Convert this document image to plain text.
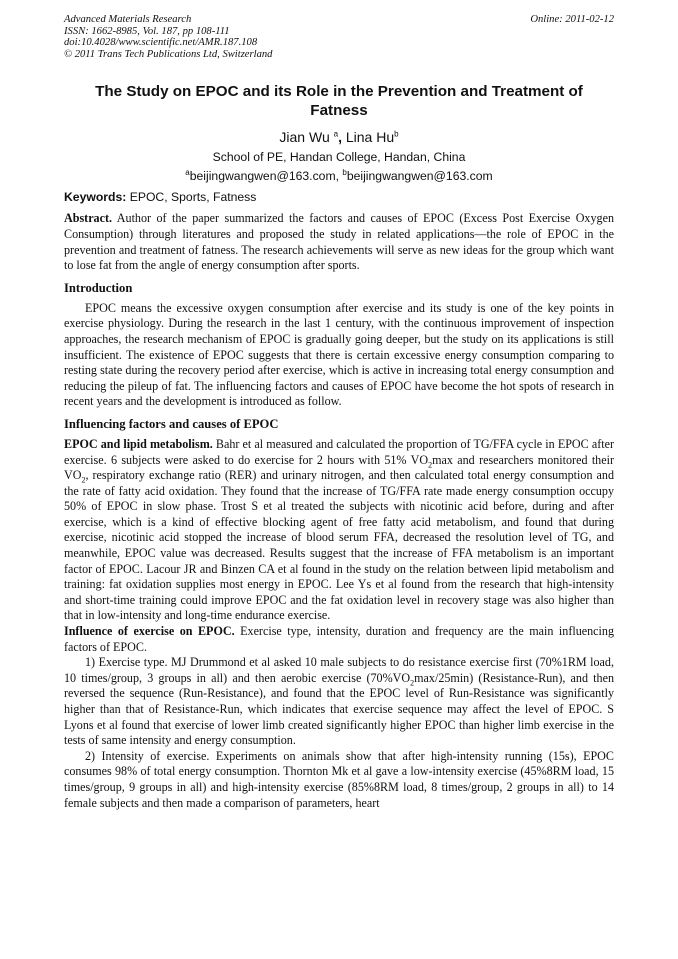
Advanced Materials Research
ISSN: 1662-8985, Vol. 187, pp 108-111
doi:10.4028/www.scientific.net/AMR.187.108
© 2011 Trans Tech Publications Ltd, Switzerland
Online: 2011-02-12
The Study on EPOC and its Role in the Prevention and Treatment of Fatness
Jian Wu $^a$, Lina Hu$^b$
School of PE, Handan College, Handan, China
$^a$beijingwangwen@163.com, $^b$beijingwangwen@163.com
Keywords: EPOC, Sports, Fatness

Abstract. Author of the paper summarized the factors and causes of EPOC (Excess Post Exercise Oxygen Consumption) through literatures and proposed the study in related applications—the role of EPOC in the prevention and treatment of fatness. The research achievements will serve as new ideas for the group which want to lose fat from the angle of energy consumption after sports.

Introduction

EPOC means the excessive oxygen consumption after exercise and its study is one of the key points in exercise physiology. During the research in the last 1 century, with the continuous improvement of inspection approaches, the research mechanism of EPOC is gradually going deeper, but the study on its applications is still insufficient. The existence of EPOC suggests that there is certain excessive energy consumption comparing to resting state during the recovery period after exercise, which is active in increasing total energy consumption and reducing the pileup of fat. The influencing factors and causes of EPOC have become the hot spots of research in recent years and the development is introduced as follow.

Influencing factors and causes of EPOC

EPOC and lipid metabolism. Bahr et al measured and calculated the proportion of TG/FFA cycle in EPOC after exercise. 6 subjects were asked to do exercise for 2 hours with 51% $VO_2\max$ and researchers monitored their $VO_2$, respiratory exchange ratio (RER) and urinary nitrogen, and then calculated total energy consumption and the rate of fatty acid oxidation. They found that the increase of TG/FFA rate made energy consumption occupy 50% of EPOC in slow phase. Trost S et al treated the subjects with nicotinic acid before, during and after exercise, which is a kind of effective blocking agent of free fatty acid metabolism, and found that during exercise, nicotinic acid stopped the increase of blood serum FFA, decreased the resolution level of TG, and meanwhile, EPOC value was decreased. Results suggest that the increase of FFA metabolism is an important factor of EPOC. Lacour JR and Binzen CA et al found in the study on the relation between lipid metabolism and training: fat oxidation supplies most energy in EPOC. Lee Ys et al found from the research that high-intensity and short-time training could improve EPOC and the fat oxidation level in recovery stage was also higher than that in low-intensity and long-time endurance exercise.

Influence of exercise on EPOC. Exercise type, intensity, duration and frequency are the main influencing factors of EPOC.

1) Exercise type. MJ Drummond et al asked 10 male subjects to do resistance exercise first (70%1RM load, 10 times/group, 3 groups in all) and then aerobic exercise $(70\%VO_2\max/25\min)$ (Resistance-Run), and then reversed the sequence (Run-Resistance), and found that the EPOC level of Run-Resistance was significantly higher than that of Resistance-Run, which indicates that exercise sequence may affect the level of EPOC. S Lyons et al found that exercise of lower limb created significantly higher EPOC than higher limb exercise in the tests of same intensity and energy consumption.

2) Intensity of exercise. Experiments on animals show that after high-intensity running (15s), EPOC consumes 98% of total energy consumption. Thornton Mk et al gave a low-intensity exercise (45%8RM load, 15 times/group, 9 groups in all) and high-intensity exercise (85%8RM load, 8 times/group, 2 groups in all) to 14 female subjects and then made a comparison of parameters, heart
